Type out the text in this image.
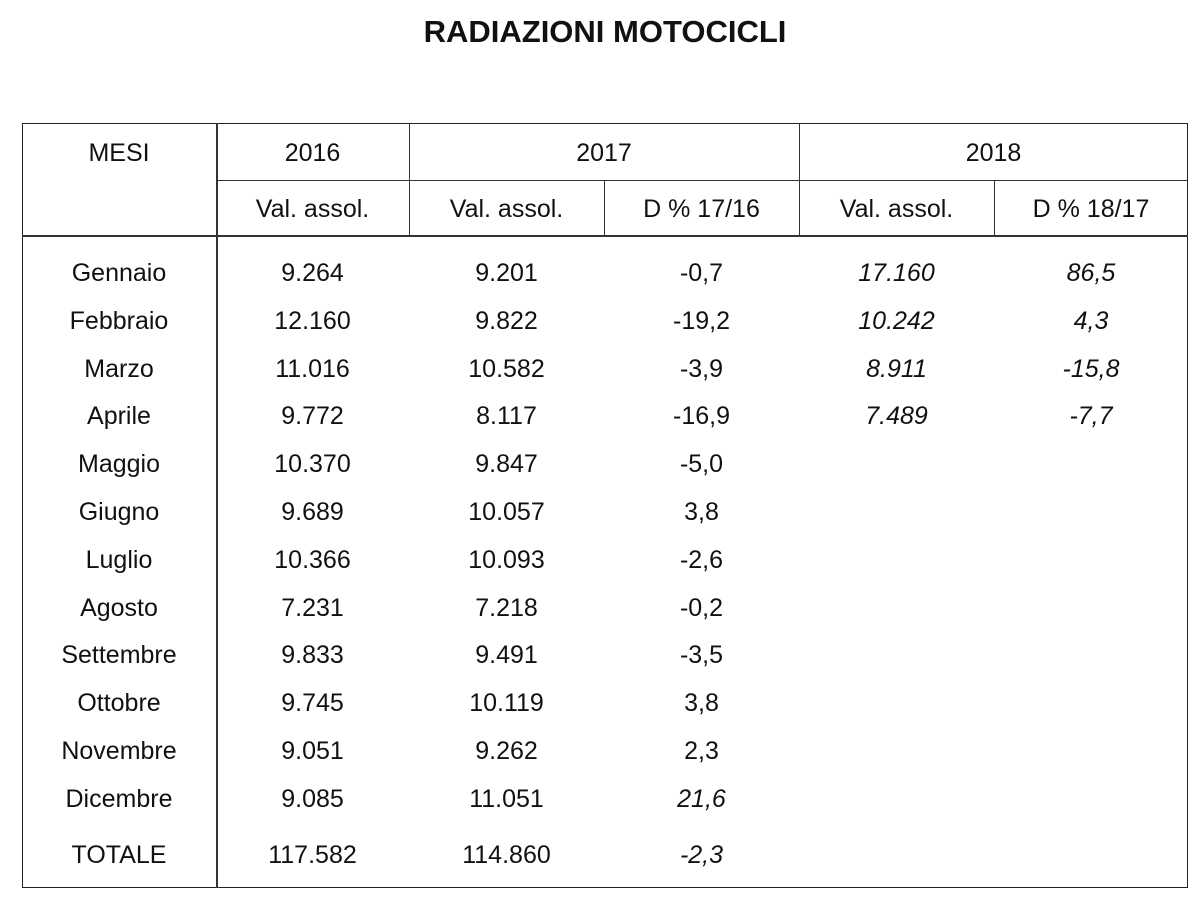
RADIAZIONI MOTOCICLI
MESI	2016	2017	2018
Val. assol.	Val. assol.	D % 17/16	Val. assol.	D % 18/17
Gennaio	9.264	9.201	-0,7	17.160	86,5
Febbraio	12.160	9.822	-19,2	10.242	4,3
Marzo	11.016	10.582	-3,9	8.911	-15,8
Aprile	9.772	8.117	-16,9	7.489	-7,7
Maggio	10.370	9.847	-5,0
Giugno	9.689	10.057	3,8
Luglio	10.366	10.093	-2,6
Agosto	7.231	7.218	-0,2
Settembre	9.833	9.491	-3,5
Ottobre	9.745	10.119	3,8
Novembre	9.051	9.262	2,3
Dicembre	9.085	11.051	21,6
TOTALE	117.582	114.860	-2,3
